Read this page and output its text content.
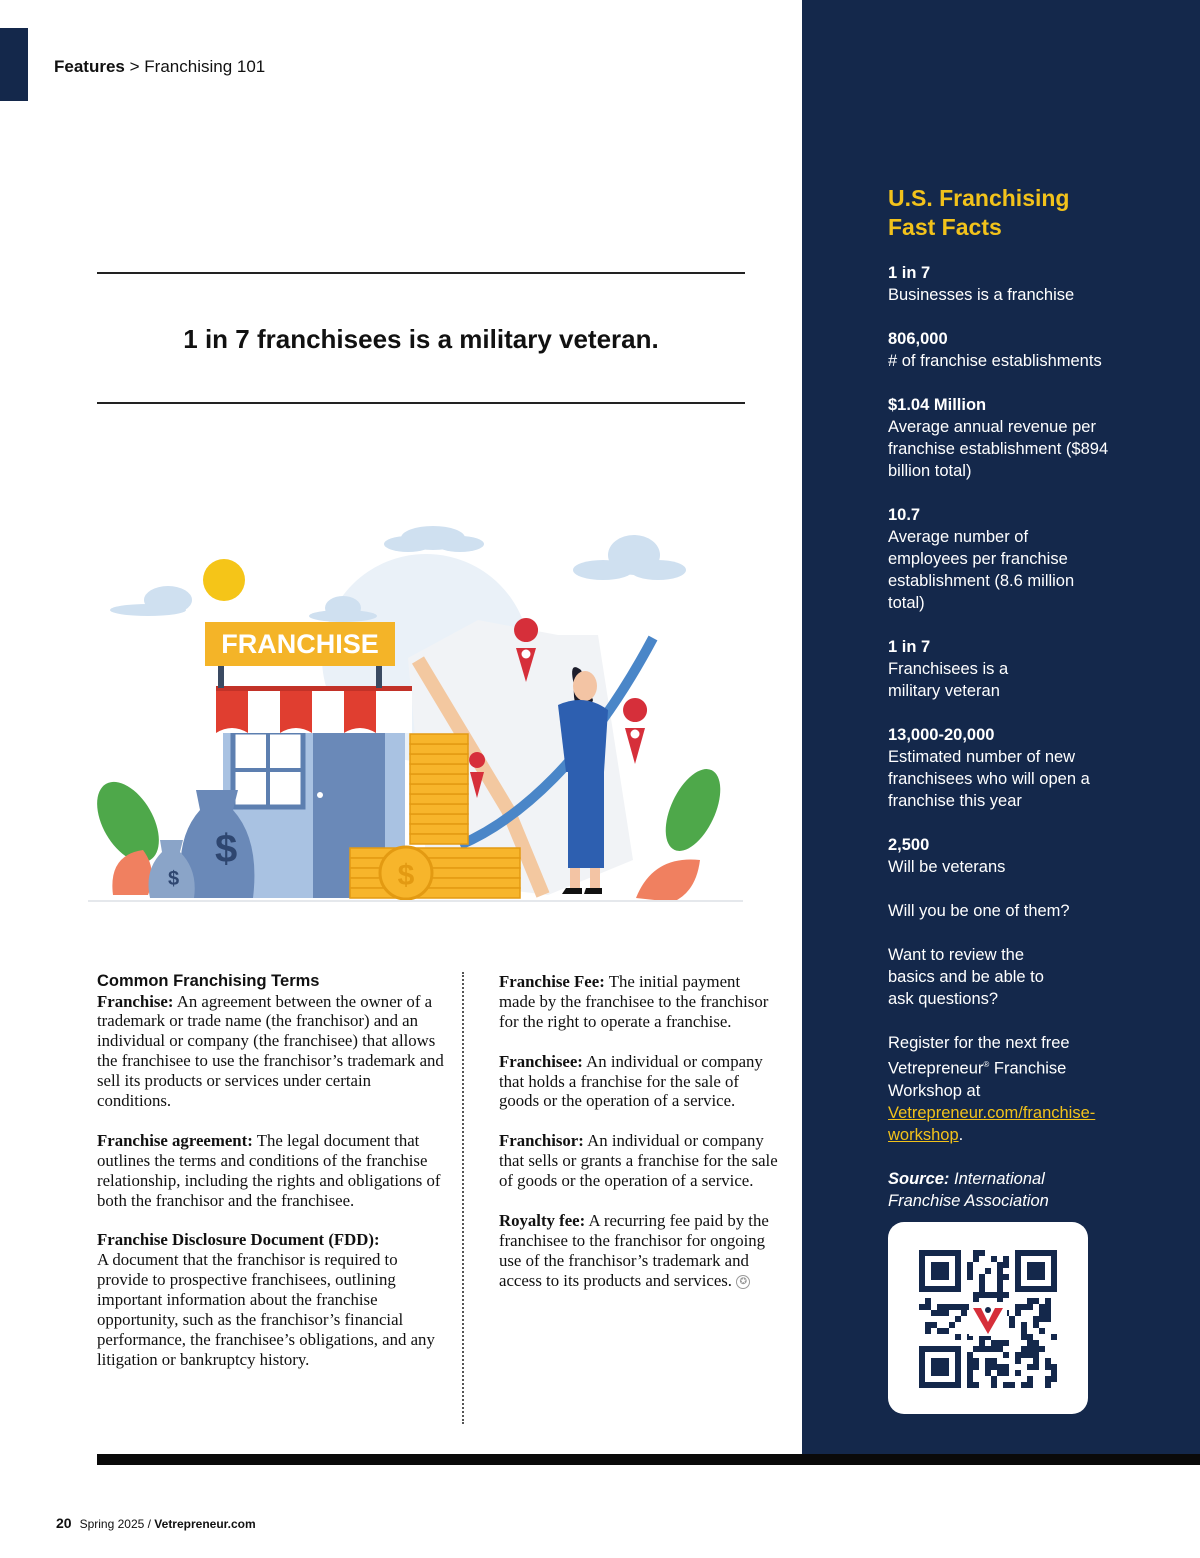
Features > Franchising 101
1 in 7 franchisees is a military veteran.
FRANCHISE
$
$	$
Common Franchising Terms

Franchise: An agreement between the owner of a trademark or trade name (the franchisor) and an individual or company (the franchisee) that allows the franchisee to use the franchisor’s trademark and sell its products or services under certain conditions.

Franchise agreement: The legal document that outlines the terms and conditions of the franchise relationship, including the rights and obligations of both the franchisor and the franchisee.

Franchise Disclosure Document (FDD):
A document that the franchisor is required to provide to prospective franchisees, outlining important information about the franchise opportunity, such as the franchisor’s financial performance, the franchisee’s obligations, and any litigation or bankruptcy history.

Franchise Fee: The initial payment made by the franchisee to the franchisor for the right to operate a franchise.

Franchisee: An individual or company that holds a franchise for the sale of goods or the operation of a service.

Franchisor: An individual or company that sells or grants a franchise for the sale of goods or the operation of a service.

Royalty fee: A recurring fee paid by the franchisee to the franchisor for ongoing use of the franchisor’s trademark and access to its products and services. ✪

U.S. Franchising
Fast Facts
1 in 7
Businesses is a franchise
806,000
# of franchise establishments
$1.04 Million
Average annual revenue per franchise establishment ($894 billion total)
10.7
Average number of employees per franchise establishment (8.6 million total)
1 in 7
Franchisees is a military veteran
13,000-20,000
Estimated number of new franchisees who will open a franchise this year
2,500
Will be veterans

Will you be one of them?

Want to review the basics and be able to ask questions?

Register for the next free Vetrepreneur® Franchise Workshop at Vetrepreneur.com/franchise-workshop.

Source: International Franchise Association

20 Spring 2025 / Vetrepreneur.com
